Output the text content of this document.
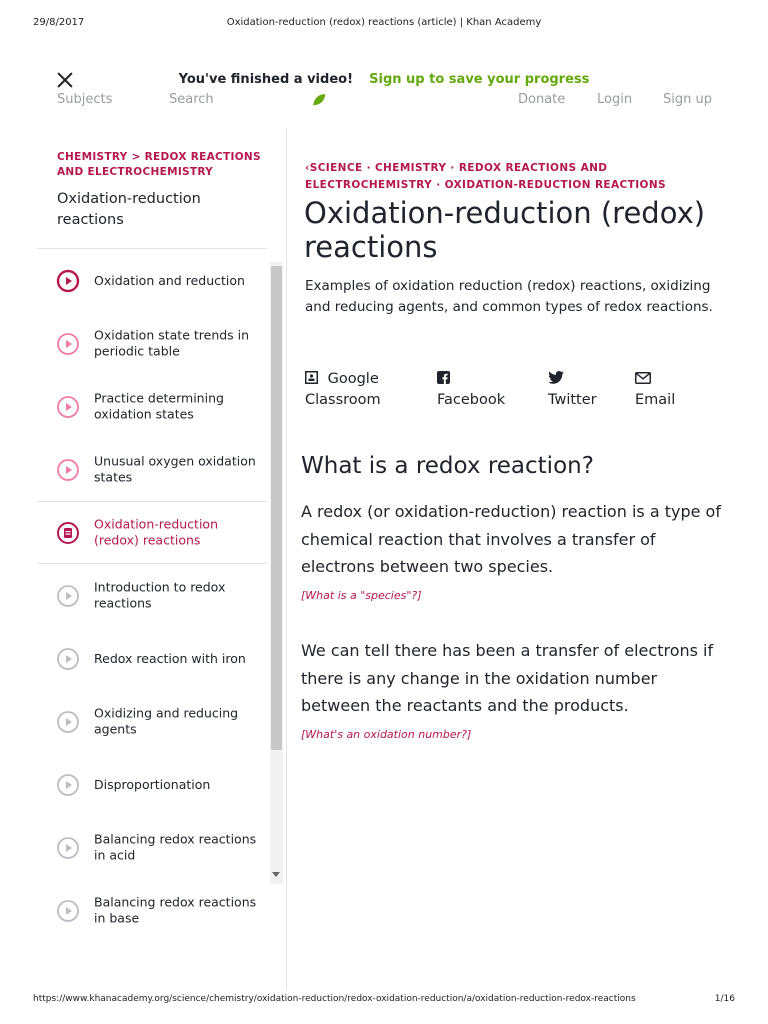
29/8/2017	Oxidation-reduction (redox) reactions (article) | Khan Academy
You've finished a video! Sign up to save your progress
Subjects	Search	Donate Login Sign up
CHEMISTRY > REDOX REACTIONS AND ELECTROCHEMISTRY
Oxidation-reduction reactions
Oxidation and reduction
Oxidation state trends in periodic table
Practice determining oxidation states
Unusual oxygen oxidation states
Oxidation-reduction (redox) reactions
Introduction to redox reactions
Redox reaction with iron
Oxidizing and reducing agents
Disproportionation
Balancing redox reactions in acid
Balancing redox reactions in base
‹SCIENCE · CHEMISTRY · REDOX REACTIONS AND ELECTROCHEMISTRY · OXIDATION-REDUCTION REACTIONS
Oxidation-reduction (redox) reactions

Examples of oxidation reduction (redox) reactions, oxidizing and reducing agents, and common types of redox reactions.

Google
Classroom	Facebook	Twitter	Email
What is a redox reaction?

A redox (or oxidation-reduction) reaction is a type of chemical reaction that involves a transfer of electrons between two species.

[What is a "species"?]

We can tell there has been a transfer of electrons if there is any change in the oxidation number between the reactants and the products.

[What's an oxidation number?]
https://www.khanacademy.org/science/chemistry/oxidation-reduction/redox-oxidation-reduction/a/oxidation-reduction-redox-reactions	1/16
